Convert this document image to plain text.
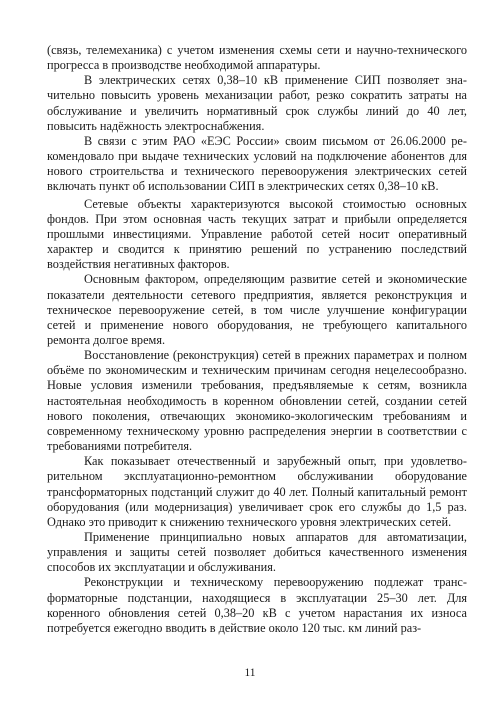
(связь, телемеханика) с учетом изменения схемы сети и научно-технического прогресса в производстве необходимой аппаратуры.

В электрических сетях 0,38–10 кВ применение СИП позволяет значительно повысить уровень механизации работ, резко сократить затраты на обслуживание и увеличить нормативный срок службы линий до 40 лет, повысить надёжность электроснабжения.

В связи с этим РАО «ЕЭС России» своим письмом от 26.06.2000 рекомендовало при выдаче технических условий на подключение абонентов для нового строительства и технического перевооружения электрических сетей включать пункт об использовании СИП в электрических сетях 0,38–10 кВ.

Сетевые объекты характеризуются высокой стоимостью основных фондов. При этом основная часть текущих затрат и прибыли определяется прошлыми инвестициями. Управление работой сетей носит оперативный характер и сводится к принятию решений по устранению последствий воздействия негативных факторов.

Основным фактором, определяющим развитие сетей и экономические показатели деятельности сетевого предприятия, является реконструкция и техническое перевооружение сетей, в том числе улучшение конфигурации сетей и применение нового оборудования, не требующего капитального ремонта долгое время.

Восстановление (реконструкция) сетей в прежних параметрах и полном объёме по экономическим и техническим причинам сегодня нецелесообразно. Новые условия изменили требования, предъявляемые к сетям, возникла настоятельная необходимость в коренном обновлении сетей, создании сетей нового поколения, отвечающих экономико-экологическим требованиям и современному техническому уровню распределения энергии в соответствии с требованиями потребителя.

Как показывает отечественный и зарубежный опыт, при удовлетворительном эксплуатационно-ремонтном обслуживании оборудование трансформаторных подстанций служит до 40 лет. Полный капитальный ремонт оборудования (или модернизация) увеличивает срок его службы до 1,5 раз. Однако это приводит к снижению технического уровня электрических сетей.

Применение принципиально новых аппаратов для автоматизации, управления и защиты сетей позволяет добиться качественного изменения способов их эксплуатации и обслуживания.

Реконструкции и техническому перевооружению подлежат трансформаторные подстанции, находящиеся в эксплуатации 25–30 лет. Для коренного обновления сетей 0,38–20 кВ с учетом нарастания их износа потребуется ежегодно вводить в действие около 120 тыс. км линий раз-

11
